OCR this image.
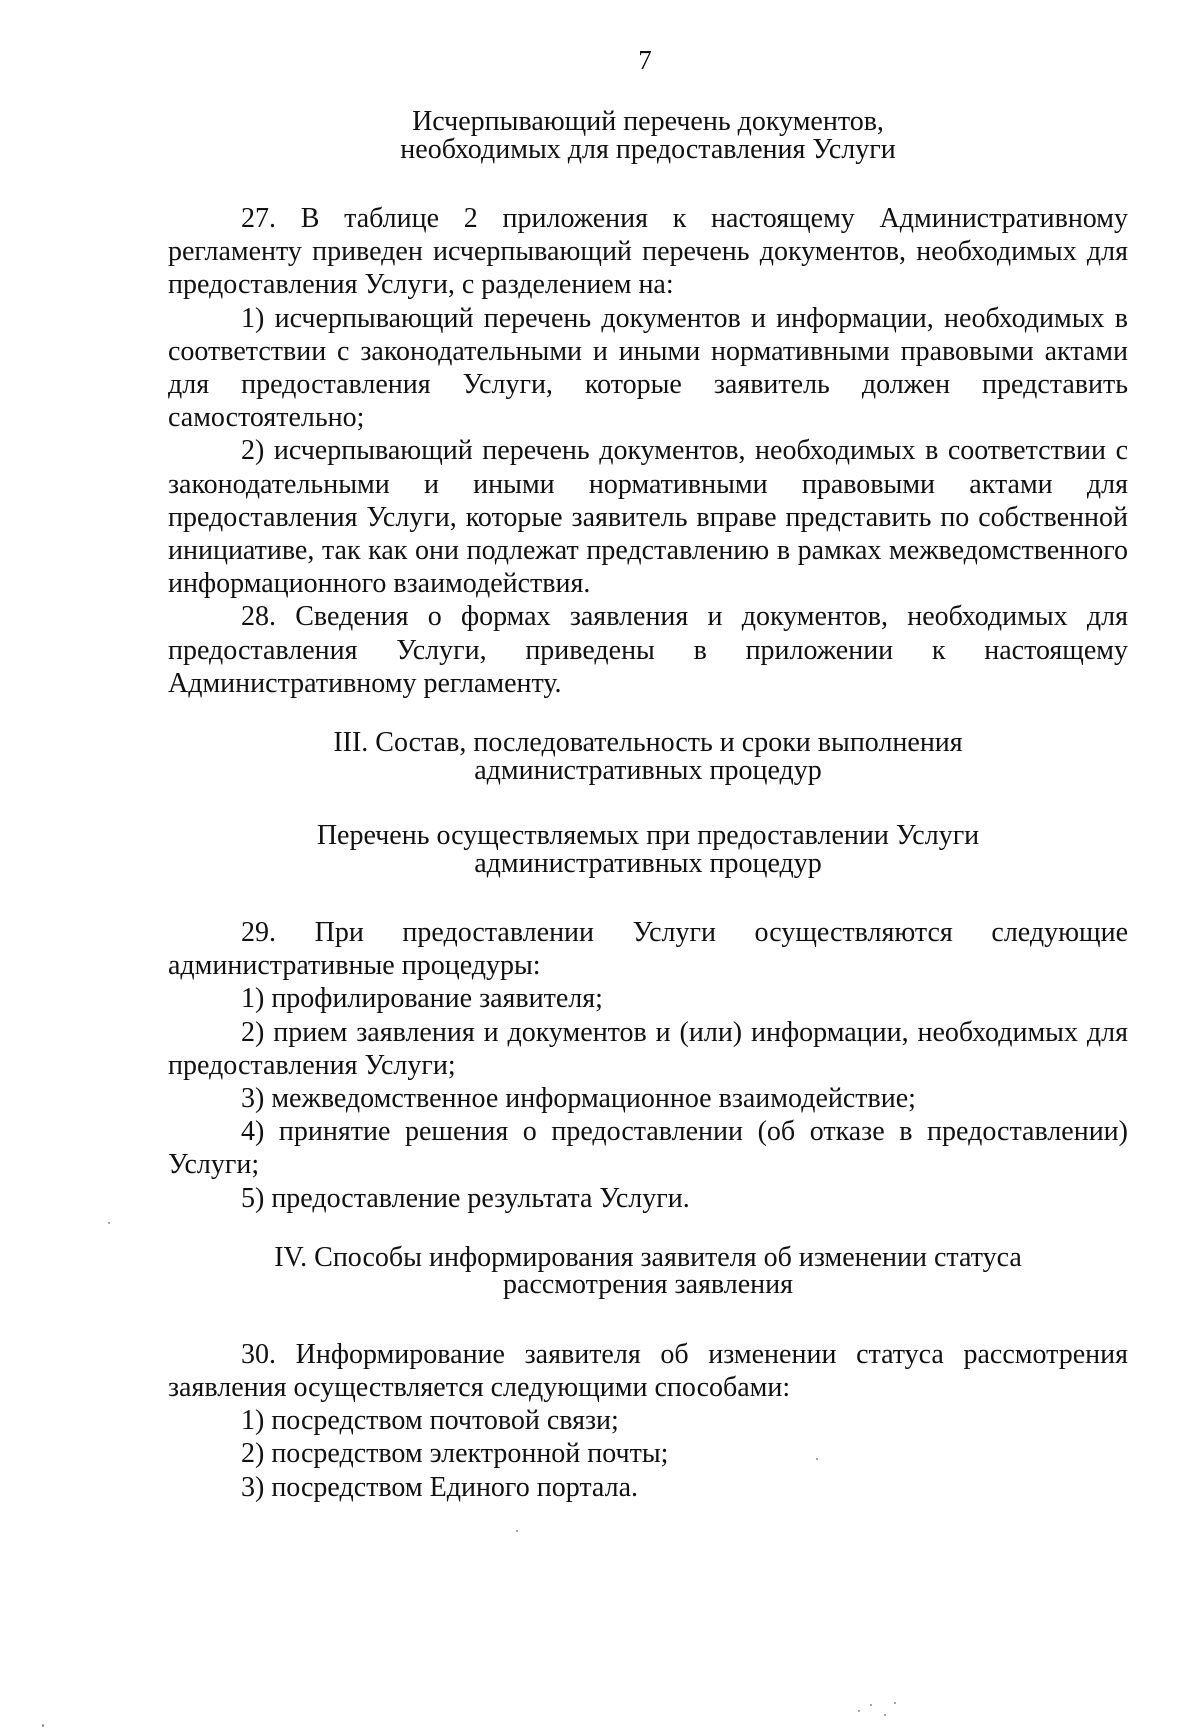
7
Исчерпывающий перечень документов,
необходимых для предоставления Услуги

27. В таблице 2 приложения к настоящему Административному регламенту приведен исчерпывающий перечень документов, необходимых для предоставления Услуги, с разделением на:

1) исчерпывающий перечень документов и информации, необходимых в соответствии с законодательными и иными нормативными правовыми актами для предоставления Услуги, которые заявитель должен представить самостоятельно;

2) исчерпывающий перечень документов, необходимых в соответствии с законодательными и иными нормативными правовыми актами для предоставления Услуги, которые заявитель вправе представить по собственной инициативе, так как они подлежат представлению в рамках межведомственного информационного взаимодействия.

28. Сведения о формах заявления и документов, необходимых для предоставления Услуги, приведены в приложении к настоящему Административному регламенту.

III. Состав, последовательность и сроки выполнения
административных процедур
Перечень осуществляемых при предоставлении Услуги
административных процедур

29. При предоставлении Услуги осуществляются следующие административные процедуры:

1) профилирование заявителя;

2) прием заявления и документов и (или) информации, необходимых для предоставления Услуги;

3) межведомственное информационное взаимодействие;

4) принятие решения о предоставлении (об отказе в предоставлении) Услуги;

5) предоставление результата Услуги.

IV. Способы информирования заявителя об изменении статуса
рассмотрения заявления

30. Информирование заявителя об изменении статуса рассмотрения заявления осуществляется следующими способами:

1) посредством почтовой связи;

2) посредством электронной почты;

3) посредством Единого портала.
